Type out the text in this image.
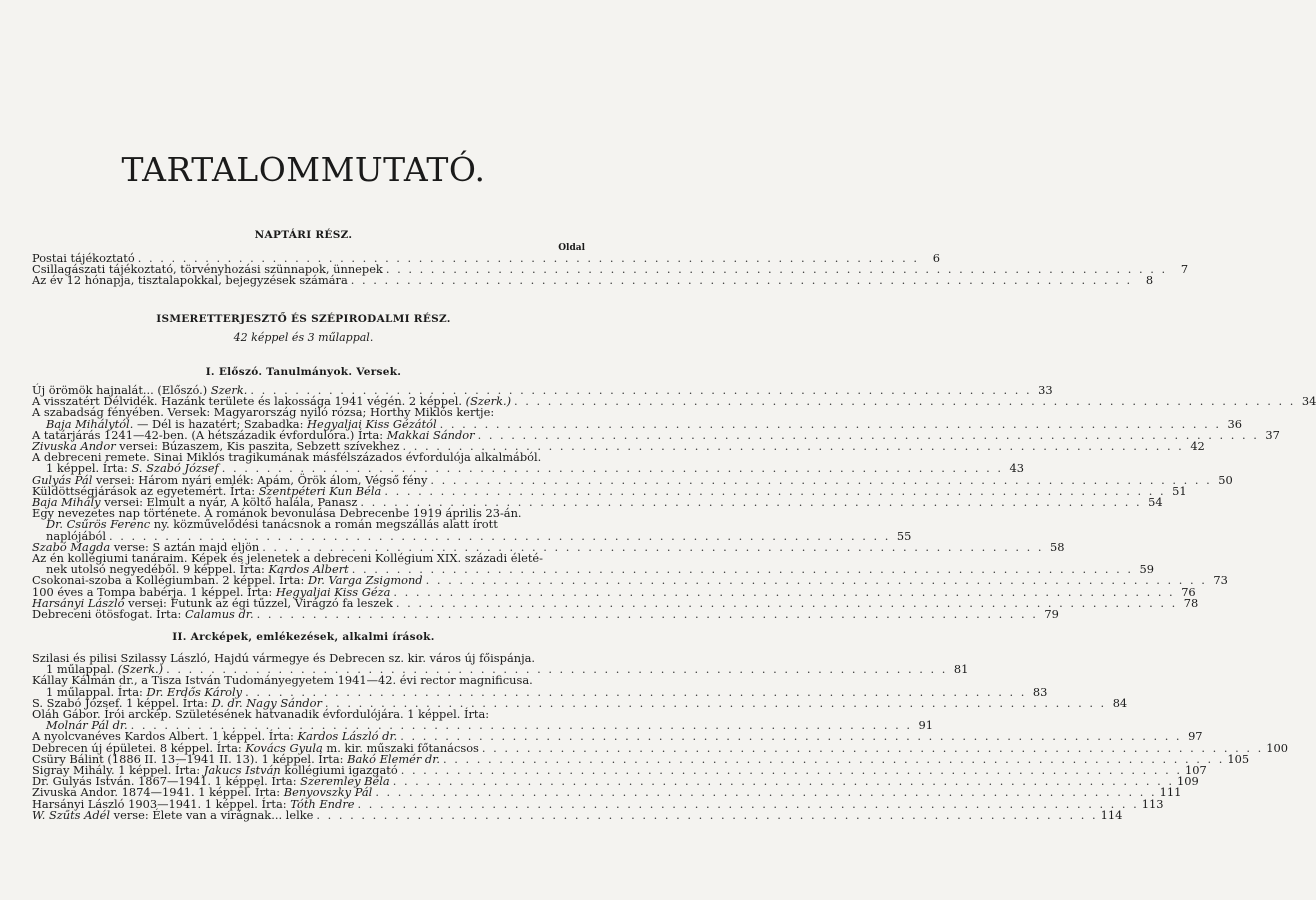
TARTALOMMUTATÓ.
NAPTÁRI RÉSZ.
Oldal
Postai tájékoztató . . .	6
Csillagászati tájékoztató, törvényhozási szünnapok, ünnepek . . .	7
Az év 12 hónapja, tisztalapokkal, bejegyzések számára . . .	8
ISMERETTERJESZTŐ ÉS SZÉPIRODALMI RÉSZ.
42 képpel és 3 műlappal.
I. Előszó. Tanulmányok. Versek.
Új örömök hajnalát... (Előszó.) Szerk. . . .	33
A visszatért Délvidék. Hazánk területe és lakossága 1941 végén. 2 képpel. (Szerk.) . . .	34
A szabadság fényében. Versek: Magyarország nyiló rózsa; Horthy Miklós kertje:
Baja Mihálytól. — Dél is hazatért; Szabadka: Hegyaljai Kiss Gézától . . .	36
A tatárjárás 1241—42-ben. (A hétszázadik évfordulóra.) Írta: Makkai Sándor . . .	37
Zivuska Andor versei: Búzaszem, Kis paszita, Sebzett szívekhez . . .	42
A debreceni remete. Sinai Miklós tragikumának másfélszázados évfordulója alkalmából.
1 képpel. Írta: S. Szabó József . . .	43
Gulyás Pál versei: Három nyári emlék: Apám, Örök álom, Végső fény . . .	50
Küldöttségjárások az egyetemért. Írta: Szentpéteri Kun Béla . . .	51
Baja Mihály versei: Elmult a nyár, A költő halála, Panasz . . .	54
Egy nevezetes nap története. A románok bevonulása Debrecenbe 1919 április 23-án.
Dr. Csűrös Ferenc ny. közművelődési tanácsnok a román megszállás alatt írott
naplójából . . .	55
Szabó Magda verse: S aztán majd eljön . . .	58
Az én kollégiumi tanáraim. Képek és jelenetek a debreceni Kollégium XIX. századi életé-
nek utolsó negyedéből. 9 képpel. Írta: Kardos Albert . . .	59
Csokonai-szoba a Kollégiumban. 2 képpel. Írta: Dr. Varga Zsigmond . . .	73
100 éves a Tompa babérja. 1 képpel. Írta: Hegyaljai Kiss Géza . . .	76
Harsányi László versei: Futunk az égi tűzzel, Virágzó fa leszek . . .	78
Debreceni ötösfogat. Írta: Calamus dr. . . .	79
II. Arcképek, emlékezések, alkalmi írások.
Szilasi és pilisi Szilassy László, Hajdú vármegye és Debrecen sz. kir. város új főispánja.
1 műlappal. (Szerk.) . . .	81
Kállay Kálmán dr., a Tisza István Tudományegyetem 1941—42. évi rector magnificusa.
1 műlappal. Írta: Dr. Erdős Károly . . .	83
S. Szabó József. 1 képpel. Írta: D. dr. Nagy Sándor . . .	84
Oláh Gábor. Írói arckép. Születésének hatvanadik évfordulójára. 1 képpel. Írta:
Molnár Pál dr. . . .	91
A nyolcvanéves Kardos Albert. 1 képpel. Írta: Kardos László dr. . . .	97
Debrecen új épületei. 8 képpel. Írta: Kovács Gyula m. kir. műszaki főtanácsos . . .	100
Csüry Bálint (1886 II. 13—1941 II. 13). 1 képpel. Írta: Bakó Elemér dr. . . .	105
Sigray Mihály. 1 képpel. Írta: Jakucs István kollégiumi igazgató . . .	107
Dr. Gulyás István. 1867—1941. 1 képpel. Írta: Szeremley Béla . . .	109
Zivuska Andor. 1874—1941. 1 képpel. Írta: Benyovszky Pál . . .	111
Harsányi László 1903—1941. 1 képpel. Írta: Tóth Endre . . .	113
W. Szűts Adél verse: Élete van a virágnak... lelke . . .	114
